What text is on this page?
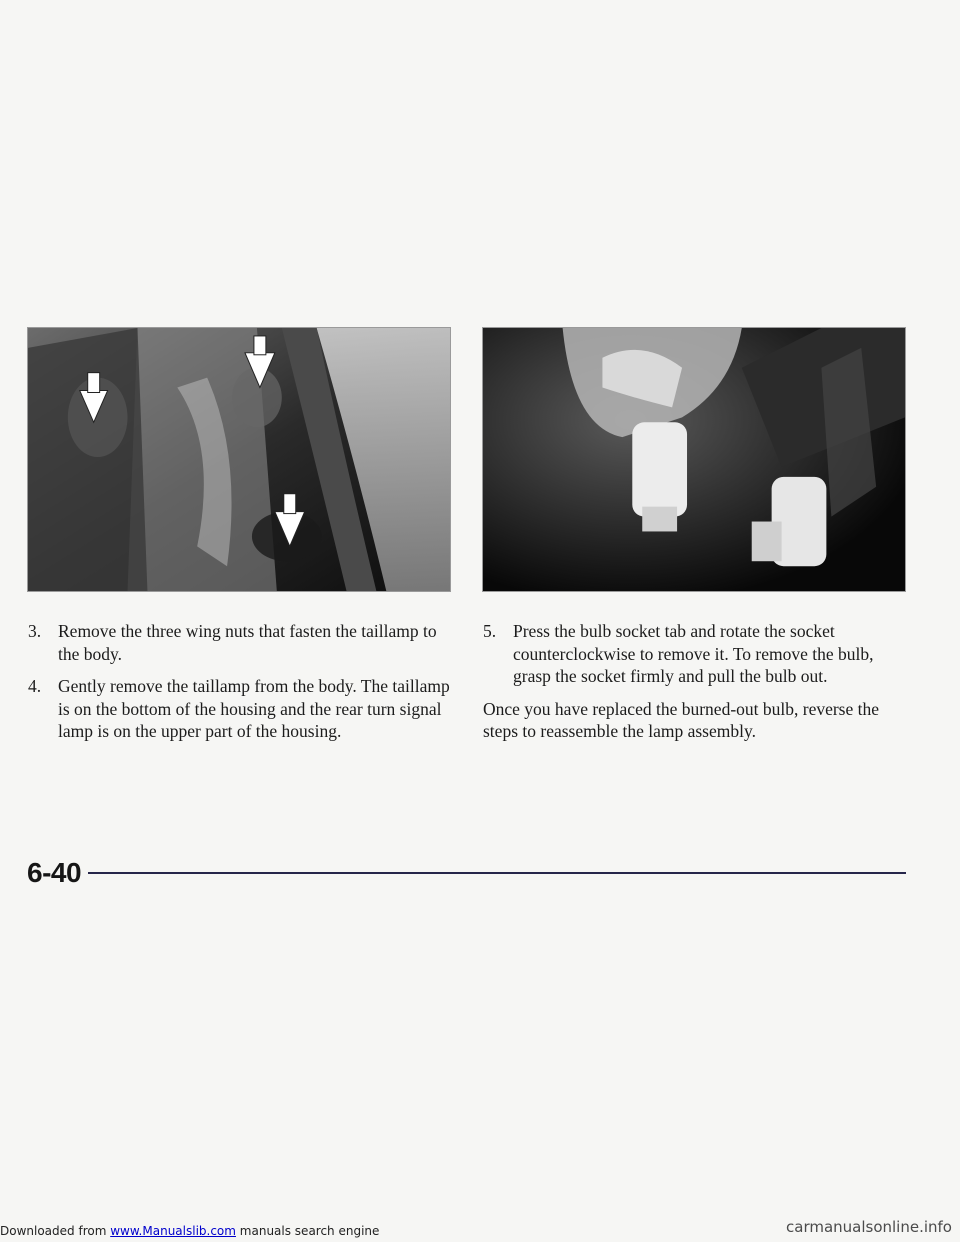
3. Remove the three wing nuts that fasten the taillamp to the body.
4. Gently remove the taillamp from the body. The taillamp is on the bottom of the housing and the rear turn signal lamp is on the upper part of the housing.
5. Press the bulb socket tab and rotate the socket counterclockwise to remove it. To remove the bulb, grasp the socket firmly and pull the bulb out.

Once you have replaced the burned-out bulb, reverse the steps to reassemble the lamp assembly.

6-40
Downloaded from www.Manualslib.com manuals search engine	carmanualsonline.info
